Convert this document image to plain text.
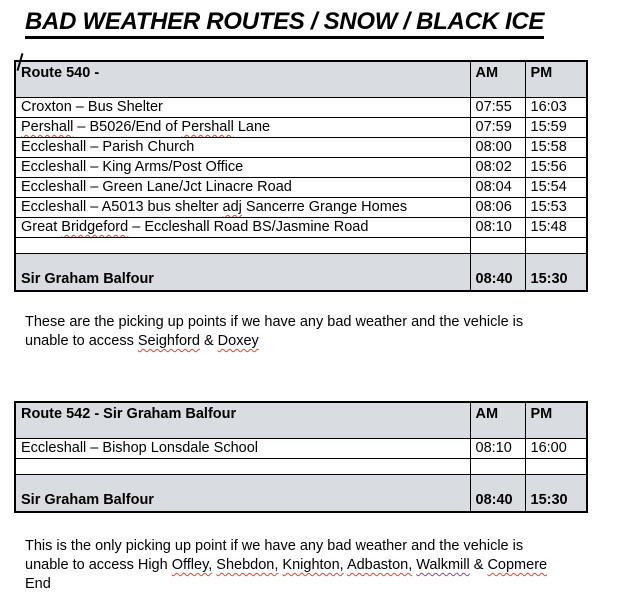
BAD WEATHER ROUTES / SNOW / BLACK ICE
Route 540 -	AM	PM
Croxton – Bus Shelter	07:55	16:03
Pershall – B5026/End of Pershall Lane	07:59	15:59
Eccleshall – Parish Church	08:00	15:58
Eccleshall – King Arms/Post Office	08:02	15:56
Eccleshall – Green Lane/Jct Linacre Road	08:04	15:54
Eccleshall – A5013 bus shelter adj Sancerre Grange Homes	08:06	15:53
Great Bridgeford – Eccleshall Road BS/Jasmine Road	08:10	15:48

Sir Graham Balfour	08:40	15:30

These are the picking up points if we have any bad weather and the vehicle is
unable to access Seighford & Doxey

Route 542 - Sir Graham Balfour	AM	PM
Eccleshall – Bishop Lonsdale School	08:10	16:00

Sir Graham Balfour	08:40	15:30

This is the only picking up point if we have any bad weather and the vehicle is
unable to access High Offley, Shebdon, Knighton, Adbaston, Walkmill & Copmere
End
